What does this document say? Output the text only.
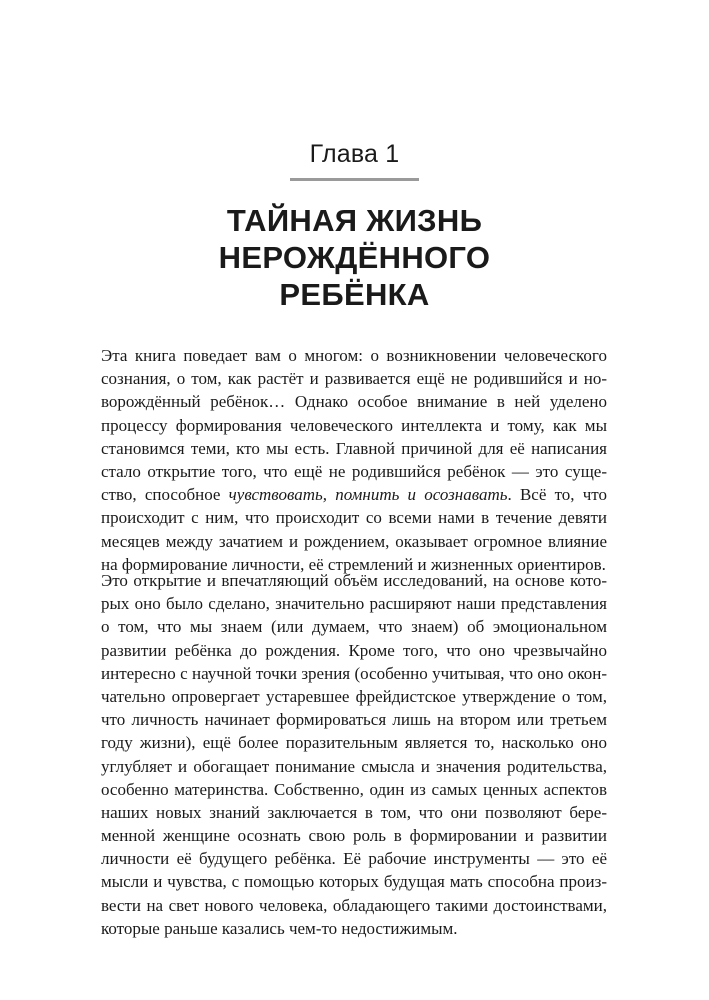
Глава 1
ТАЙНАЯ ЖИЗНЬ
НЕРОЖДЁННОГО
РЕБЁНКА
Эта книга поведает вам о многом: о возникновении человеческого
сознания, о том, как растёт и развивается ещё не родившийся и но-
ворождённый ребёнок… Однако особое внимание в ней уделено
процессу формирования человеческого интеллекта и тому, как мы
становимся теми, кто мы есть. Главной причиной для её написания
стало открытие того, что ещё не родившийся ребёнок — это суще-
ство, способное чувствовать, помнить и осознавать. Всё то, что
происходит с ним, что происходит со всеми нами в течение девяти
месяцев между зачатием и рождением, оказывает огромное влияние
на формирование личности, её стремлений и жизненных ориентиров.
Это открытие и впечатляющий объём исследований, на основе кото-
рых оно было сделано, значительно расширяют наши представления
о том, что мы знаем (или думаем, что знаем) об эмоциональном
развитии ребёнка до рождения. Кроме того, что оно чрезвычайно
интересно с научной точки зрения (особенно учитывая, что оно окон-
чательно опровергает устаревшее фрейдистское утверждение о том,
что личность начинает формироваться лишь на втором или третьем
году жизни), ещё более поразительным является то, насколько оно
углубляет и обогащает понимание смысла и значения родительства,
особенно материнства. Собственно, один из самых ценных аспектов
наших новых знаний заключается в том, что они позволяют бере-
менной женщине осознать свою роль в формировании и развитии
личности её будущего ребёнка. Её рабочие инструменты — это её
мысли и чувства, с помощью которых будущая мать способна произ-
вести на свет нового человека, обладающего такими достоинствами,
которые раньше казались чем-то недостижимым.
